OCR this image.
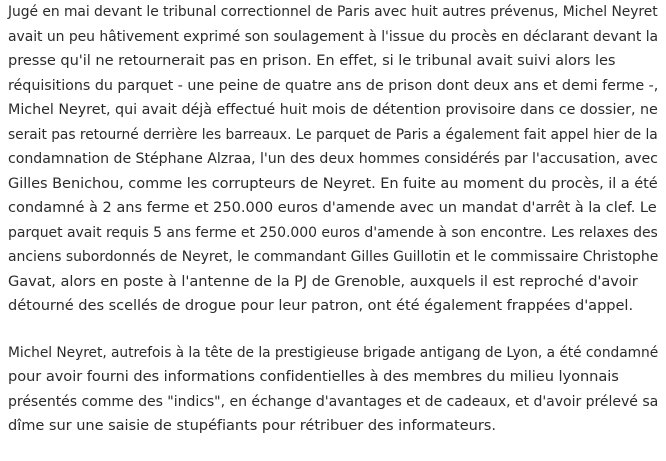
Jugé en mai devant le tribunal correctionnel de Paris avec huit autres prévenus, Michel Neyret
avait un peu hâtivement exprimé son soulagement à l'issue du procès en déclarant devant la
presse qu'il ne retournerait pas en prison. En effet, si le tribunal avait suivi alors les
réquisitions du parquet - une peine de quatre ans de prison dont deux ans et demi ferme -,
Michel Neyret, qui avait déjà effectué huit mois de détention provisoire dans ce dossier, ne
serait pas retourné derrière les barreaux. Le parquet de Paris a également fait appel hier de la
condamnation de Stéphane Alzraa, l'un des deux hommes considérés par l'accusation, avec
Gilles Benichou, comme les corrupteurs de Neyret. En fuite au moment du procès, il a été
condamné à 2 ans ferme et 250.000 euros d'amende avec un mandat d'arrêt à la clef. Le
parquet avait requis 5 ans ferme et 250.000 euros d'amende à son encontre. Les relaxes des
anciens subordonnés de Neyret, le commandant Gilles Guillotin et le commissaire Christophe
Gavat, alors en poste à l'antenne de la PJ de Grenoble, auxquels il est reproché d'avoir
détourné des scellés de drogue pour leur patron, ont été également frappées d'appel.

Michel Neyret, autrefois à la tête de la prestigieuse brigade antigang de Lyon, a été condamné
pour avoir fourni des informations confidentielles à des membres du milieu lyonnais
présentés comme des "indics", en échange d'avantages et de cadeaux, et d'avoir prélevé sa
dîme sur une saisie de stupéfiants pour rétribuer des informateurs.
